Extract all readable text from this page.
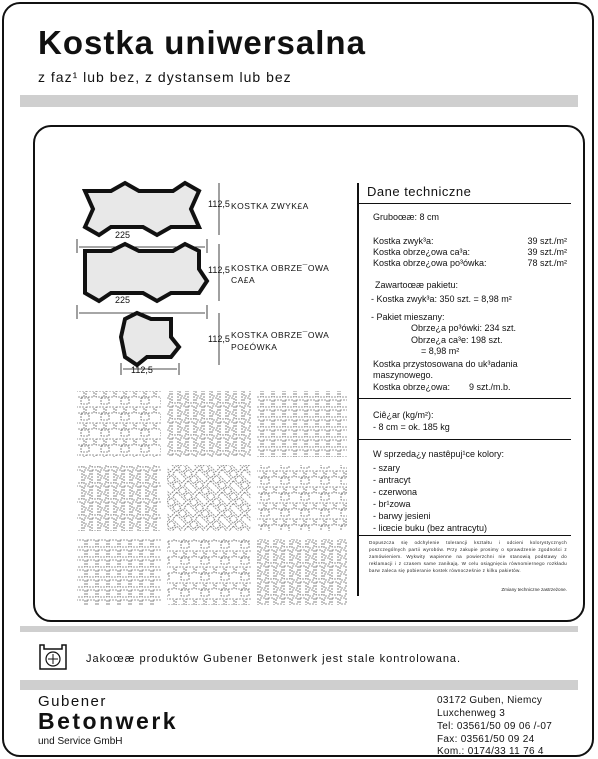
Kostka uniwersalna
z faz¹ lub bez, z dystansem lub bez
112,5
225
KOSTKA ZWYK£A
112,5
225
KOSTKA OBRZE¯OWA CA£A
112,5
112,5
KOSTKA OBRZE¯OWA PO£ÓWKA
Dane techniczne
Gruboœæ: 8 cm
Kostka zwyk³a:	39 szt./m²
Kostka obrze¿owa ca³a:	39 szt./m²
Kostka obrze¿owa po³ówka:	78 szt./m²
Zawartoœæ pakietu:
- Kostka zwyk³a: 350 szt. = 8,98 m²
- Pakiet mieszany:
Obrze¿a po³ówki: 234 szt.
Obrze¿a ca³e: 198 szt.
= 8,98 m²
Kostka przystosowana do uk³adania
maszynowego.
Kostka obrze¿owa: 9 szt./m.b.
Ciê¿ar (kg/m²):
- 8 cm = ok. 185 kg
W sprzeda¿y nastêpuj¹ce kolory:
- szary
- antracyt
- czerwona
- br¹zowa
- barwy jesieni
- liœcie buku (bez antracytu)
Dopuszcza się odchylenie tolerancji kształtu i odcieni kolorystycznych poszczególnych partii wyrobów. Przy zakupie prosimy o sprawdzenie zgodności z zamówieniem. Wykwity wapienne na powierzchni nie stanowią podstawy do reklamacji i z czasem same zanikają. W celu osiągnięcia równomiernego rozkładu barw zaleca się pobieranie kostek równocześnie z kilku pakietów.
Zmiany techniczne zastrzeżone.
Jakoœæ produktów Gubener Betonwerk jest stale kontrolowana.
Gubener
Betonwerk
und Service GmbH
03172 Guben, Niemcy
Luxchenweg 3
Tel: 03561/50 09 06 /-07
Fax: 03561/50 09 24
Kom.: 0174/33 11 76 4
